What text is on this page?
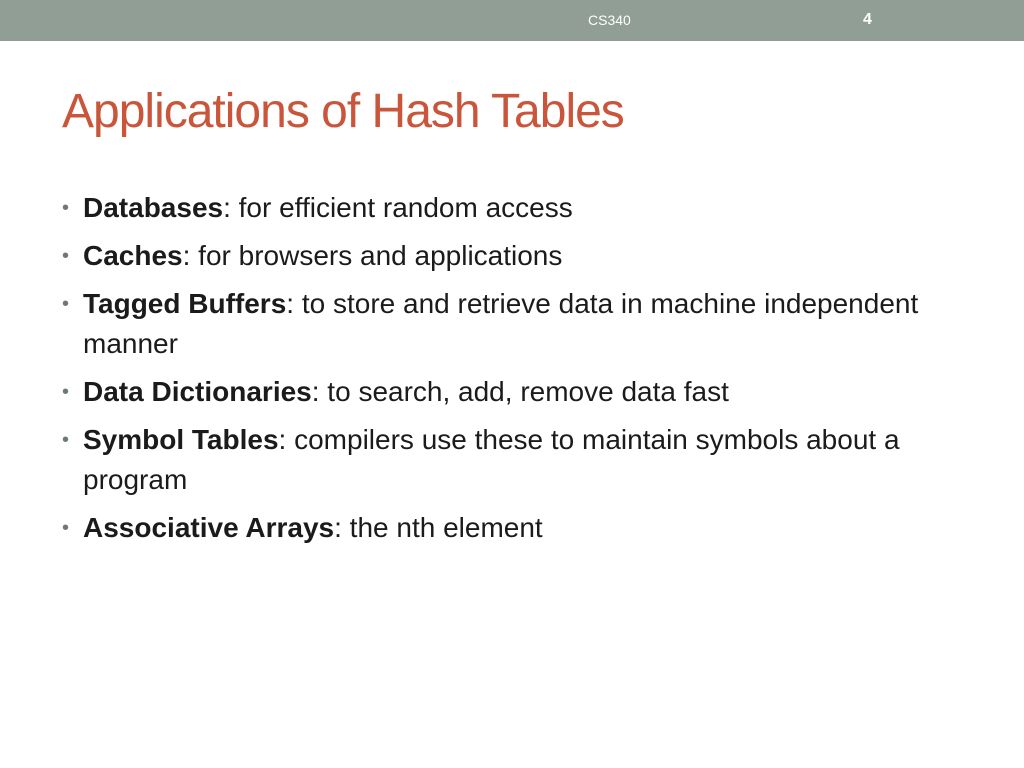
CS340	4
Applications of Hash Tables
• Databases: for efficient random access
• Caches: for browsers and applications
• Tagged Buffers: to store and retrieve data in machine independent manner
• Data Dictionaries: to search, add, remove data fast
• Symbol Tables: compilers use these to maintain symbols about a program
• Associative Arrays: the nth element
